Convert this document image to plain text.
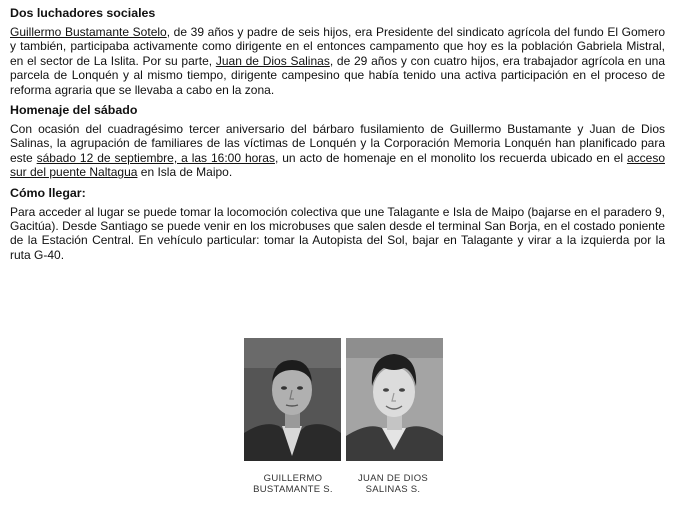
Dos luchadores sociales

Guillermo Bustamante Sotelo, de 39 años y padre de seis hijos, era Presidente del sindicato agrícola del fundo El Gomero y también, participaba activamente como dirigente en el entonces campamento que hoy es la población Gabriela Mistral, en el sector de La Islita. Por su parte, Juan de Dios Salinas, de 29 años y con cuatro hijos, era trabajador agrícola en una parcela de Lonquén y al mismo tiempo, dirigente campesino que había tenido una activa participación en el proceso de reforma agraria que se llevaba a cabo en la zona.

Homenaje del sábado

Con ocasión del cuadragésimo tercer aniversario del bárbaro fusilamiento de Guillermo Bustamante y Juan de Dios Salinas, la agrupación de familiares de las víctimas de Lonquén y la Corporación Memoria Lonquén han planificado para este sábado 12 de septiembre, a las 16:00 horas, un acto de homenaje en el monolito los recuerda ubicado en el acceso sur del puente Naltagua en Isla de Maipo.

Cómo llegar:

Para acceder al lugar se puede tomar la locomoción colectiva que une Talagante e Isla de Maipo (bajarse en el paradero 9, Gacitúa). Desde Santiago se puede venir en los microbuses que salen desde el terminal San Borja, en el costado poniente de la Estación Central. En vehículo particular: tomar la Autopista del Sol, bajar en Talagante y virar a la izquierda por la ruta G-40.

GUILLERMO
BUSTAMANTE S.
JUAN DE DIOS
SALINAS S.
